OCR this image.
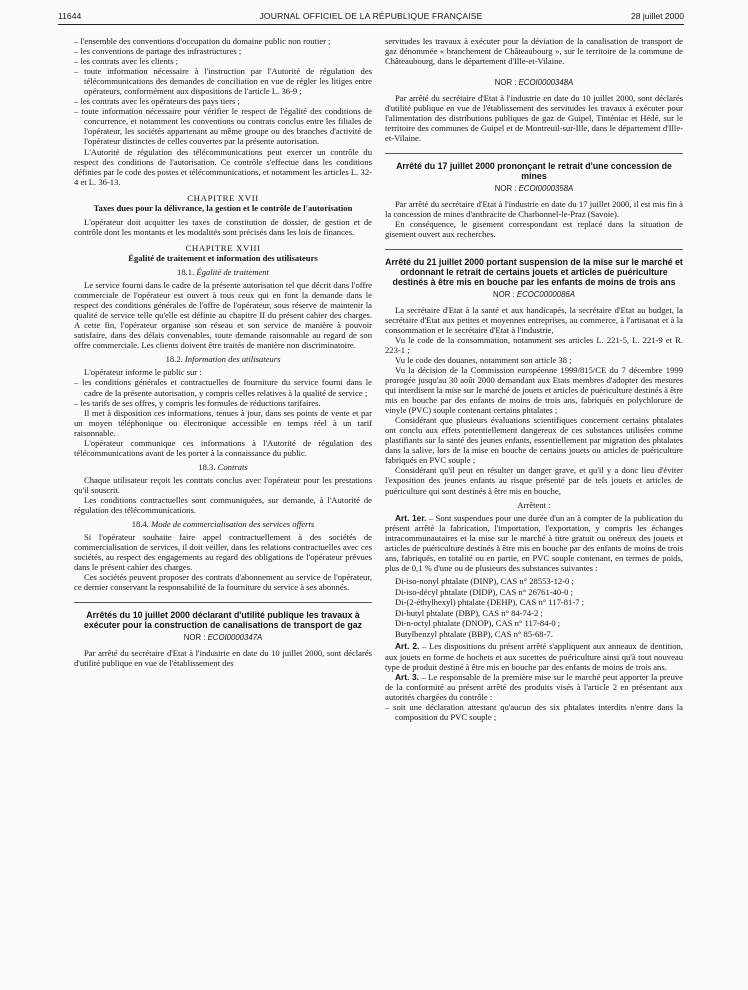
11644	JOURNAL OFFICIEL DE LA RÉPUBLIQUE FRANÇAISE	28 juillet 2000
– l'ensemble des conventions d'occupation du domaine public non routier ;
– les conventions de partage des infrastructures ;
– les contrats avec les clients ;
– toute information nécessaire à l'instruction par l'Autorité de régulation des télécommunications des demandes de conciliation en vue de régler les litiges entre opérateurs, conformément aux dispositions de l'article L. 36-9 ;
– les contrats avec les opérateurs des pays tiers ;
– toute information nécessaire pour vérifier le respect de l'égalité des conditions de concurrence, et notamment les conventions ou contrats conclus entre les filiales de l'opérateur, les sociétés appartenant au même groupe ou des branches d'activité de l'opérateur distinctes de celles couvertes par la présente autorisation.

L'Autorité de régulation des télécommunications peut exercer un contrôle du respect des conditions de l'autorisation. Ce contrôle s'effectue dans les conditions définies par le code des postes et télécommunications, et notamment les articles L. 32-4 et L. 36-13.

CHAPITRE XVII
Taxes dues pour la délivrance, la gestion et le contrôle de l'autorisation

L'opérateur doit acquitter les taxes de constitution de dossier, de gestion et de contrôle dont les montants et les modalités sont précisés dans les lois de finances.

CHAPITRE XVIII
Égalité de traitement et information des utilisateurs
18.1. Égalité de traitement

Le service fourni dans le cadre de la présente autorisation tel que décrit dans l'offre commerciale de l'opérateur est ouvert à tous ceux qui en font la demande dans le respect des conditions générales de l'offre de l'opérateur, sous réserve de maintenir la qualité de service telle qu'elle est définie au chapitre II du présent cahier des charges. A cette fin, l'opérateur organise son réseau et son service de manière à pouvoir satisfaire, dans des délais convenables, toute demande raisonnable au regard de son offre commerciale. Les clients doivent être traités de manière non discriminatoire.

18.2. Information des utilisateurs

L'opérateur informe le public sur :

– les conditions générales et contractuelles de fourniture du service fourni dans le cadre de la présente autorisation, y compris celles relatives à la qualité de service ;
– les tarifs de ses offres, y compris les formules de réductions tarifaires.

Il met à disposition ces informations, tenues à jour, dans ses points de vente et par un moyen téléphonique ou électronique accessible en temps réel à un tarif raisonnable.

L'opérateur communique ces informations à l'Autorité de régulation des télécommunications avant de les porter à la connaissance du public.

18.3. Contrats

Chaque utilisateur reçoit les contrats conclus avec l'opérateur pour les prestations qu'il souscrit.

Les conditions contractuelles sont communiquées, sur demande, à l'Autorité de régulation des télécommunications.

18.4. Mode de commercialisation des services offerts

Si l'opérateur souhaite faire appel contractuellement à des sociétés de commercialisation de services, il doit veiller, dans les relations contractuelles avec ces sociétés, au respect des engagements au regard des obligations de l'opérateur prévues dans le présent cahier des charges.

Ces sociétés peuvent proposer des contrats d'abonnement au service de l'opérateur, ce dernier conservant la responsabilité de la fourniture du service à ses abonnés.

Arrêtés du 10 juillet 2000 déclarant d'utilité publique les travaux à exécuter pour la construction de canalisations de transport de gaz
NOR : ECOI0000347A

Par arrêté du secrétaire d'Etat à l'industrie en date du 10 juillet 2000, sont déclarés d'utilité publique en vue de l'établissement des

servitudes les travaux à exécuter pour la déviation de la canalisation de transport de gaz dénommée « branchement de Châteaubourg », sur le territoire de la commune de Châteaubourg, dans le département d'Ille-et-Vilaine.

NOR : ECOI0000348A

Par arrêté du secrétaire d'Etat à l'industrie en date du 10 juillet 2000, sont déclarés d'utilité publique en vue de l'établissement des servitudes les travaux à exécuter pour l'alimentation des distributions publiques de gaz de Guipel, Tinténiac et Hédé, sur le territoire des communes de Guipel et de Montreuil-sur-Ille, dans le département d'Ille-et-Vilaine.

Arrêté du 17 juillet 2000 prononçant le retrait d'une concession de mines
NOR : ECOI0000358A

Par arrêté du secrétaire d'Etat à l'industrie en date du 17 juillet 2000, il est mis fin à la concession de mines d'anthracite de Charbonnel-le-Praz (Savoie).

En conséquence, le gisement correspondant est replacé dans la situation de gisement ouvert aux recherches.

Arrêté du 21 juillet 2000 portant suspension de la mise sur le marché et ordonnant le retrait de certains jouets et articles de puériculture destinés à être mis en bouche par les enfants de moins de trois ans
NOR : ECOC0000086A

La secrétaire d'Etat à la santé et aux handicapés, la secrétaire d'Etat au budget, la secrétaire d'Etat aux petites et moyennes entreprises, au commerce, à l'artisanat et à la consommation et le secrétaire d'Etat à l'industrie,

Vu le code de la consommation, notamment ses articles L. 221-5, L. 221-9 et R. 223-1 ;

Vu le code des douanes, notamment son article 38 ;

Vu la décision de la Commission européenne 1999/815/CE du 7 décembre 1999 prorogée jusqu'au 30 août 2000 demandant aux Etats membres d'adopter des mesures qui interdisent la mise sur le marché de jouets et articles de puériculture destinés à être mis en bouche par des enfants de moins de trois ans, fabriqués en polychlorure de vinyle (PVC) souple contenant certains phtalates ;

Considérant que plusieurs évaluations scientifiques concernent certains phtalates ont conclu aux effets potentiellement dangereux de ces substances utilisées comme plastifiants sur la santé des jeunes enfants, essentiellement par migration des phtalates dans la salive, lors de la mise en bouche de certains jouets ou articles de puériculture fabriqués en PVC souple ;

Considérant qu'il peut en résulter un danger grave, et qu'il y a donc lieu d'éviter l'exposition des jeunes enfants au risque présenté par de tels jouets et articles de puériculture qui sont destinés à être mis en bouche,

Arrêtent :

Art. 1er. – Sont suspendues pour une durée d'un an à compter de la publication du présent arrêté la fabrication, l'importation, l'exportation, y compris les échanges intracommunautaires et la mise sur le marché à titre gratuit ou onéreux des jouets et articles de puériculture destinés à être mis en bouche par des enfants de moins de trois ans, fabriqués, en totalité ou en partie, en PVC souple contenant, en termes de poids, plus de 0,1 % d'une ou de plusieurs des substances suivantes :

Di-iso-nonyl phtalate (DINP), CAS n° 28553-12-0 ;
Di-iso-décyl phtalate (DIDP), CAS n° 26761-40-0 ;
Di-(2-éthylhexyl) phtalate (DEHP), CAS n° 117-81-7 ;
Di-butyl phtalate (DBP), CAS n° 84-74-2 ;
Di-n-octyl phtalate (DNOP), CAS n° 117-84-0 ;
Butylbenzyl phtalate (BBP), CAS n° 85-68-7.

Art. 2. – Les dispositions du présent arrêté s'appliquent aux anneaux de dentition, aux jouets en forme de hochets et aux sucettes de puériculture ainsi qu'à tout nouveau type de produit destiné à être mis en bouche par des enfants de moins de trois ans.

Art. 3. – Le responsable de la première mise sur le marché peut apporter la preuve de la conformité au présent arrêté des produits visés à l'article 2 en présentant aux autorités chargées du contrôle :

– soit une déclaration attestant qu'aucun des six phtalates interdits n'entre dans la composition du PVC souple ;
